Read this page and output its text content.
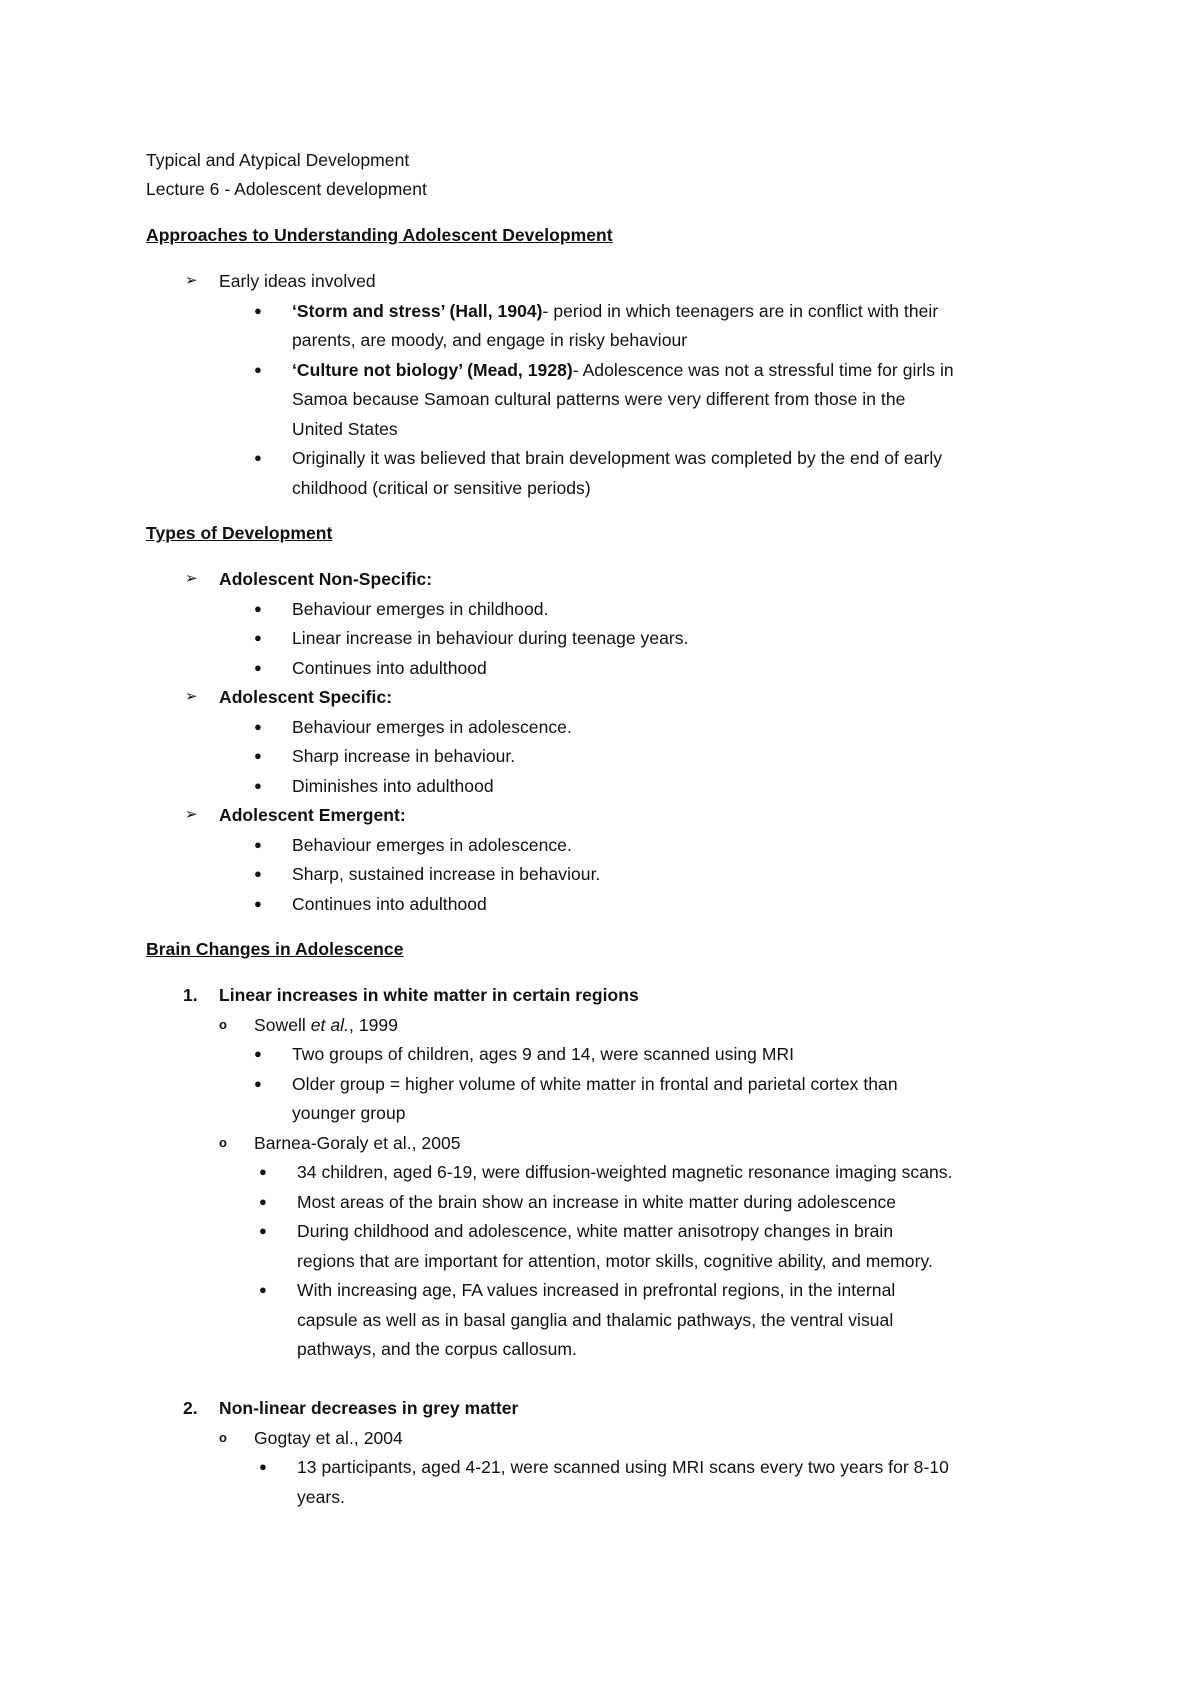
Typical and Atypical Development
Lecture 6 - Adolescent development
Approaches to Understanding Adolescent Development
➢ Early ideas involved
● ‘Storm and stress’ (Hall, 1904)- period in which teenagers are in conflict with their
parents, are moody, and engage in risky behaviour
● ‘Culture not biology’ (Mead, 1928)- Adolescence was not a stressful time for girls in
Samoa because Samoan cultural patterns were very different from those in the
United States
● Originally it was believed that brain development was completed by the end of early
childhood (critical or sensitive periods)
Types of Development
➢ Adolescent Non-Specific:
● Behaviour emerges in childhood.
● Linear increase in behaviour during teenage years.
● Continues into adulthood
➢ Adolescent Specific:
● Behaviour emerges in adolescence.
● Sharp increase in behaviour.
● Diminishes into adulthood
➢ Adolescent Emergent:
● Behaviour emerges in adolescence.
● Sharp, sustained increase in behaviour.
● Continues into adulthood
Brain Changes in Adolescence
1. Linear increases in white matter in certain regions
o Sowell et al., 1999
● Two groups of children, ages 9 and 14, were scanned using MRI
● Older group = higher volume of white matter in frontal and parietal cortex than
younger group
o Barnea-Goraly et al., 2005
● 34 children, aged 6-19, were diffusion-weighted magnetic resonance imaging scans.
● Most areas of the brain show an increase in white matter during adolescence
● During childhood and adolescence, white matter anisotropy changes in brain
regions that are important for attention, motor skills, cognitive ability, and memory.
● With increasing age, FA values increased in prefrontal regions, in the internal
capsule as well as in basal ganglia and thalamic pathways, the ventral visual
pathways, and the corpus callosum.
2. Non-linear decreases in grey matter
o Gogtay et al., 2004
● 13 participants, aged 4-21, were scanned using MRI scans every two years for 8-10
years.
